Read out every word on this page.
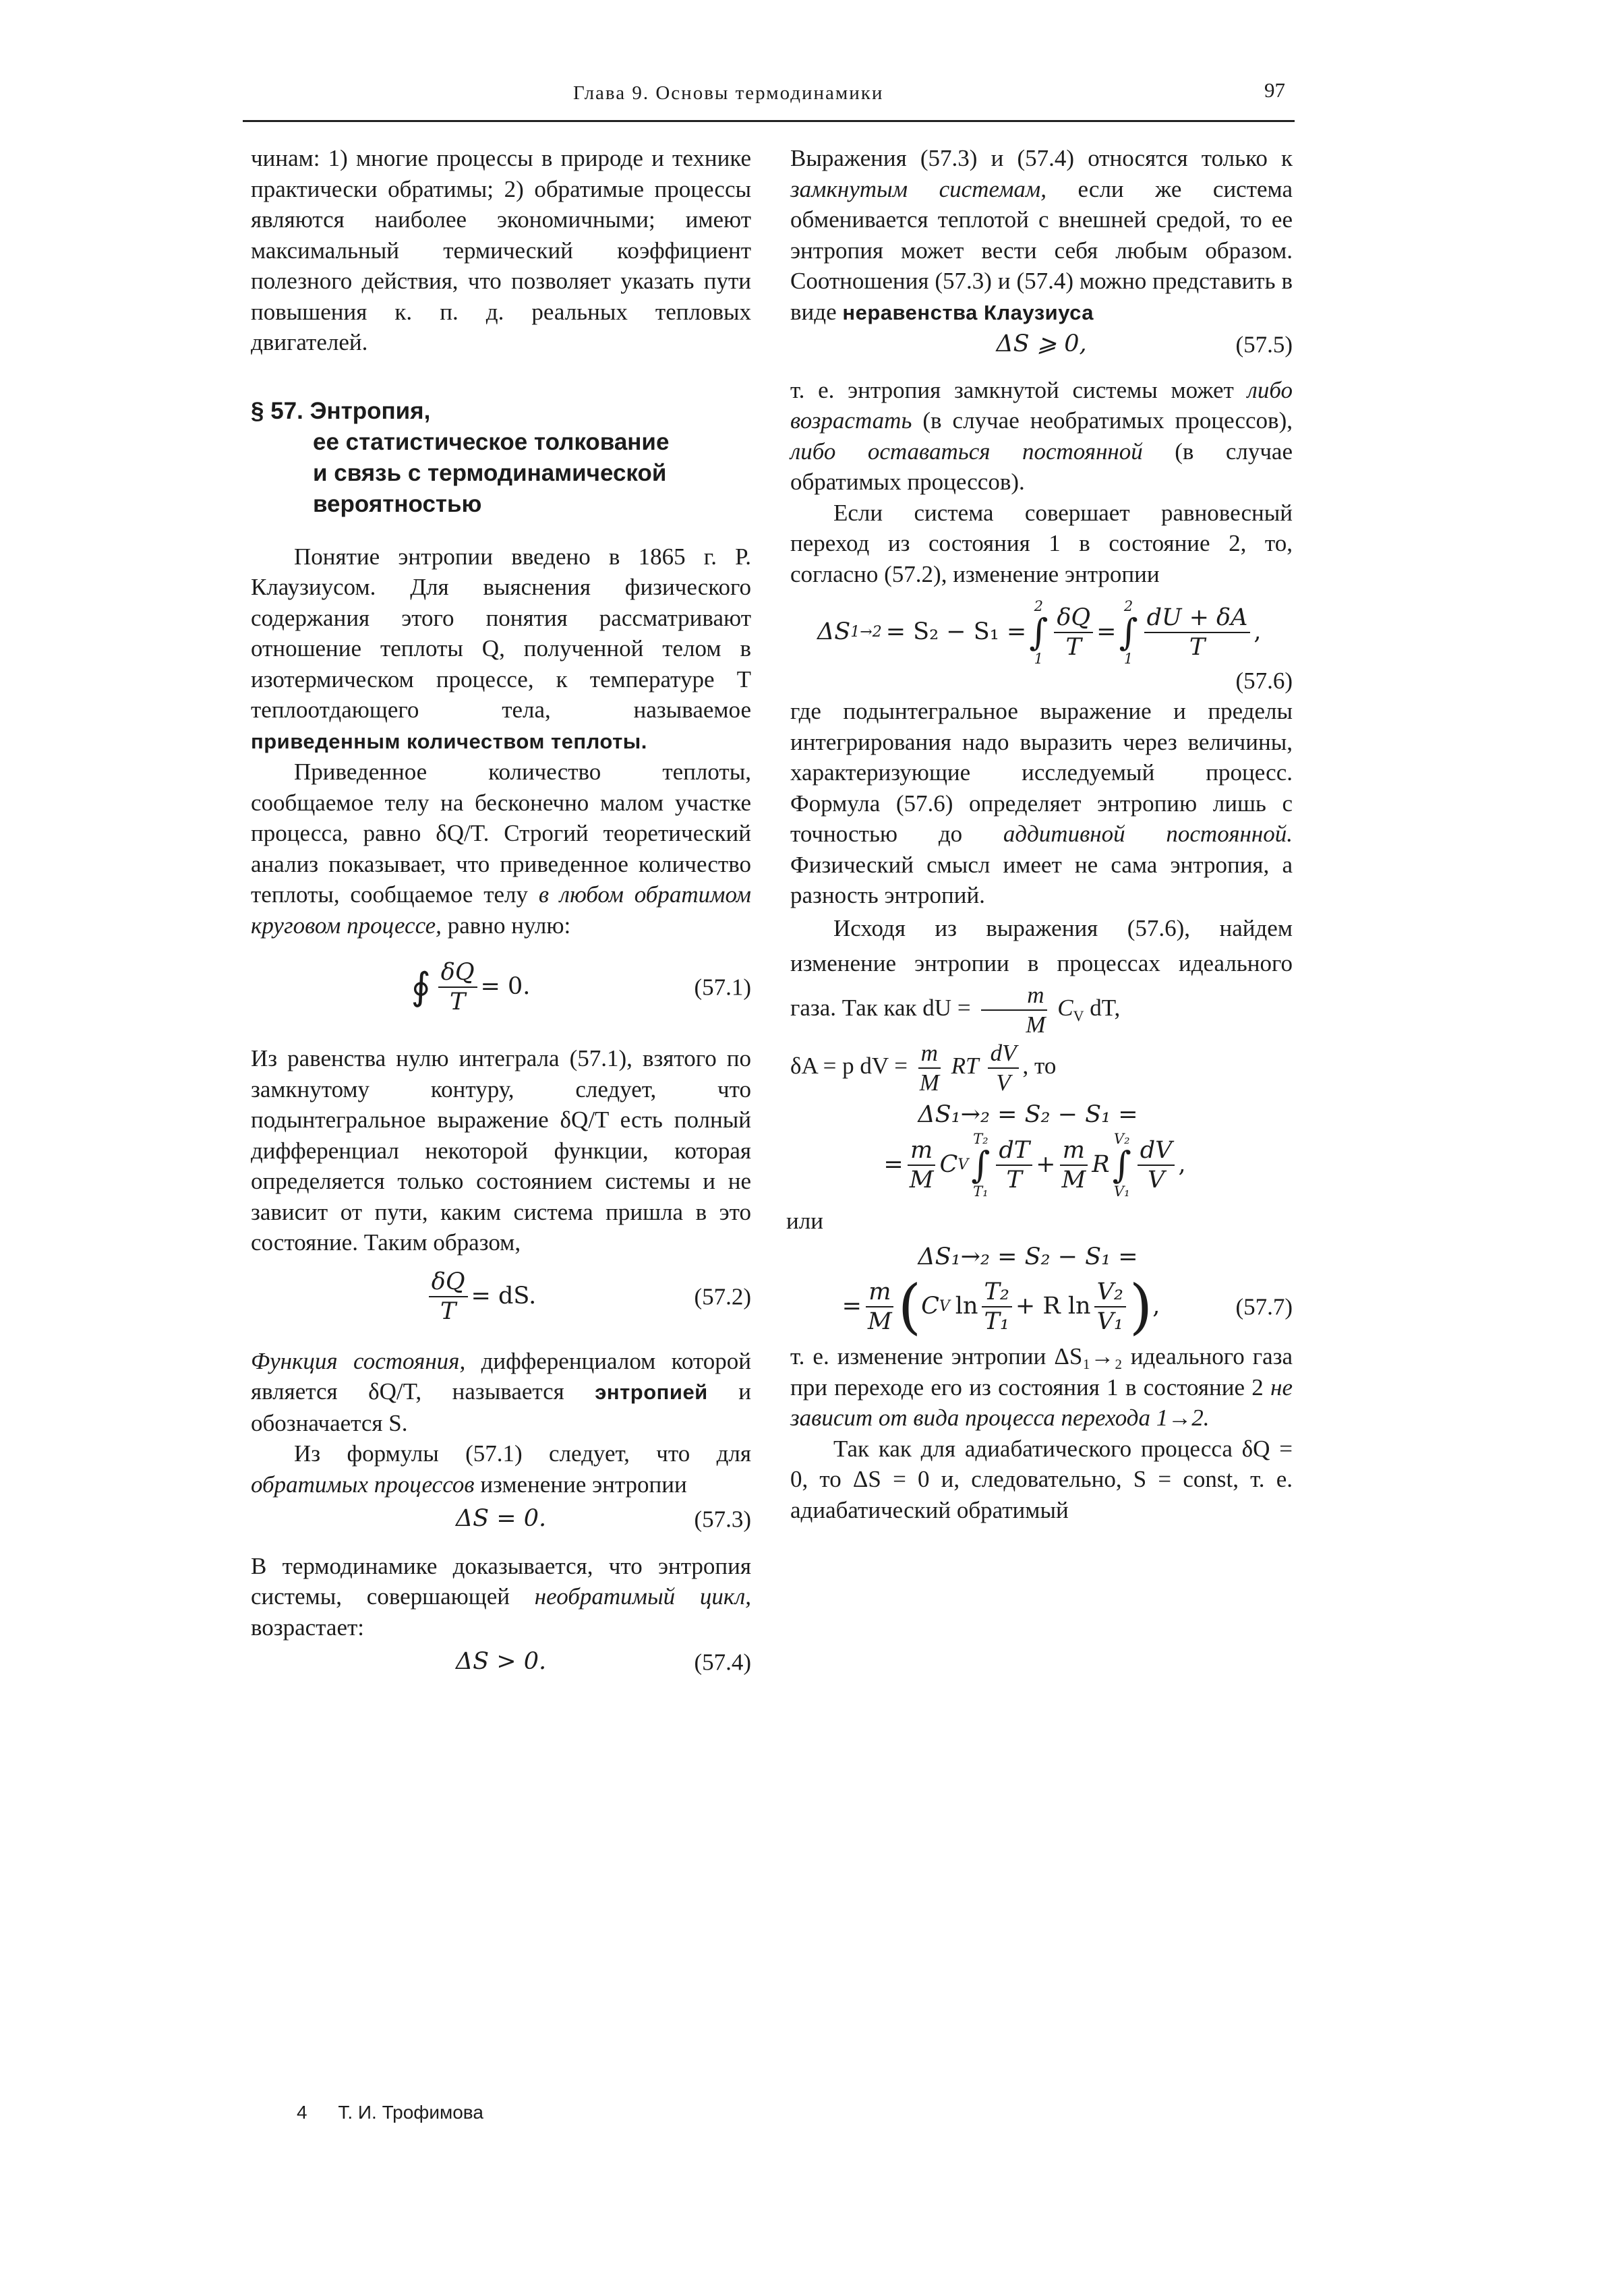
Глава 9. Основы термодинамики	97

чинам: 1) многие процессы в природе и технике практически обратимы; 2) обратимые процессы являются наиболее экономичными; имеют максимальный термический коэффициент полезного действия, что позволяет указать пути повышения к. п. д. реальных тепловых двигателей.

§ 57. Энтропия,
ее статистическое толкование
и связь с термодинамической
вероятностью

Понятие энтропии введено в 1865 г. Р. Клаузиусом. Для выяснения физического содержания этого понятия рассматривают отношение теплоты Q, полученной телом в изотермическом процессе, к температуре T теплоотдающего тела, называемое приведенным количеством теплоты.

Приведенное количество теплоты, сообщаемое телу на бесконечно малом участке процесса, равно δQ/T. Строгий теоретический анализ показывает, что приведенное количество теплоты, сообщаемое телу в любом обратимом круговом процессе, равно нулю:

∮ $\frac{\delta Q}{T} = 0$.	(57.1)

Из равенства нулю интеграла (57.1), взятого по замкнутому контуру, следует, что подынтегральное выражение δQ/T есть полный дифференциал некоторой функции, которая определяется только состоянием системы и не зависит от пути, каким система пришла в это состояние. Таким образом,

$\frac{\delta Q}{T}$ = dS.	(57.2)

Функция состояния, дифференциалом которой является δQ/T, называется энтропией и обозначается S.

Из формулы (57.1) следует, что для обратимых процессов изменение энтропии

ΔS = 0.	(57.3)

В термодинамике доказывается, что энтропия системы, совершающей необратимый цикл, возрастает:

ΔS > 0.	(57.4)

Выражения (57.3) и (57.4) относятся только к замкнутым системам, если же система обменивается теплотой с внешней средой, то ее энтропия может вести себя любым образом. Соотношения (57.3) и (57.4) можно представить в виде неравенства Клаузиуса

ΔS ⩾ 0,	(57.5)

т. е. энтропия замкнутой системы может либо возрастать (в случае необратимых процессов), либо оставаться постоянной (в случае обратимых процессов).

Если система совершает равновесный переход из состояния 1 в состояние 2, то, согласно (57.2), изменение энтропии

ΔS 1→2 = S₂ − S₁ =
2
∫
$1 \frac{\delta Q}{T}$ =
2
∫
$1 \frac{dU + \delta A}{T}$ ,
(57.6)

где подынтегральное выражение и пределы интегрирования надо выразить через величины, характеризующие исследуемый процесс. Формула (57.6) определяет энтропию лишь с точностью до аддитивной постоянной. Физический смысл имеет не сама энтропия, а разность энтропий.

Исходя из выражения (57.6), найдем изменение энтропии в процессах идеального газа. Так как dU = $\frac{m}{M} C_V$ dT,

δA = p dV = $\frac{m}{M}$ RT $\frac{dV}{V}$ , то

ΔS₁→₂ = S₂ − S₁ =
= $\frac{m}{M}$ C V
T₂
∫
$T_1 \frac{dT}{T} + \frac{m}{M}$ R
V₂
∫
$V_1 \frac{dV}{V}$ ,

или

ΔS₁→₂ = S₂ − S₁ =
= $\frac{m}{M}$ ( C V $\ln \frac{\text{T₂}}{\text{T₁}} + R$ $\ln \frac{\text{V₂}}{\text{V₁}}$ ) ,	(57.7)

т. е. изменение энтропии ΔS₁→₂ идеального газа при переходе его из состояния 1 в состояние 2 не зависит от вида процесса перехода 1→2.

Так как для адиабатического процесса δQ = 0, то ΔS = 0 и, следовательно, S = const, т. е. адиабатический обратимый

4 Т. И. Трофимова
